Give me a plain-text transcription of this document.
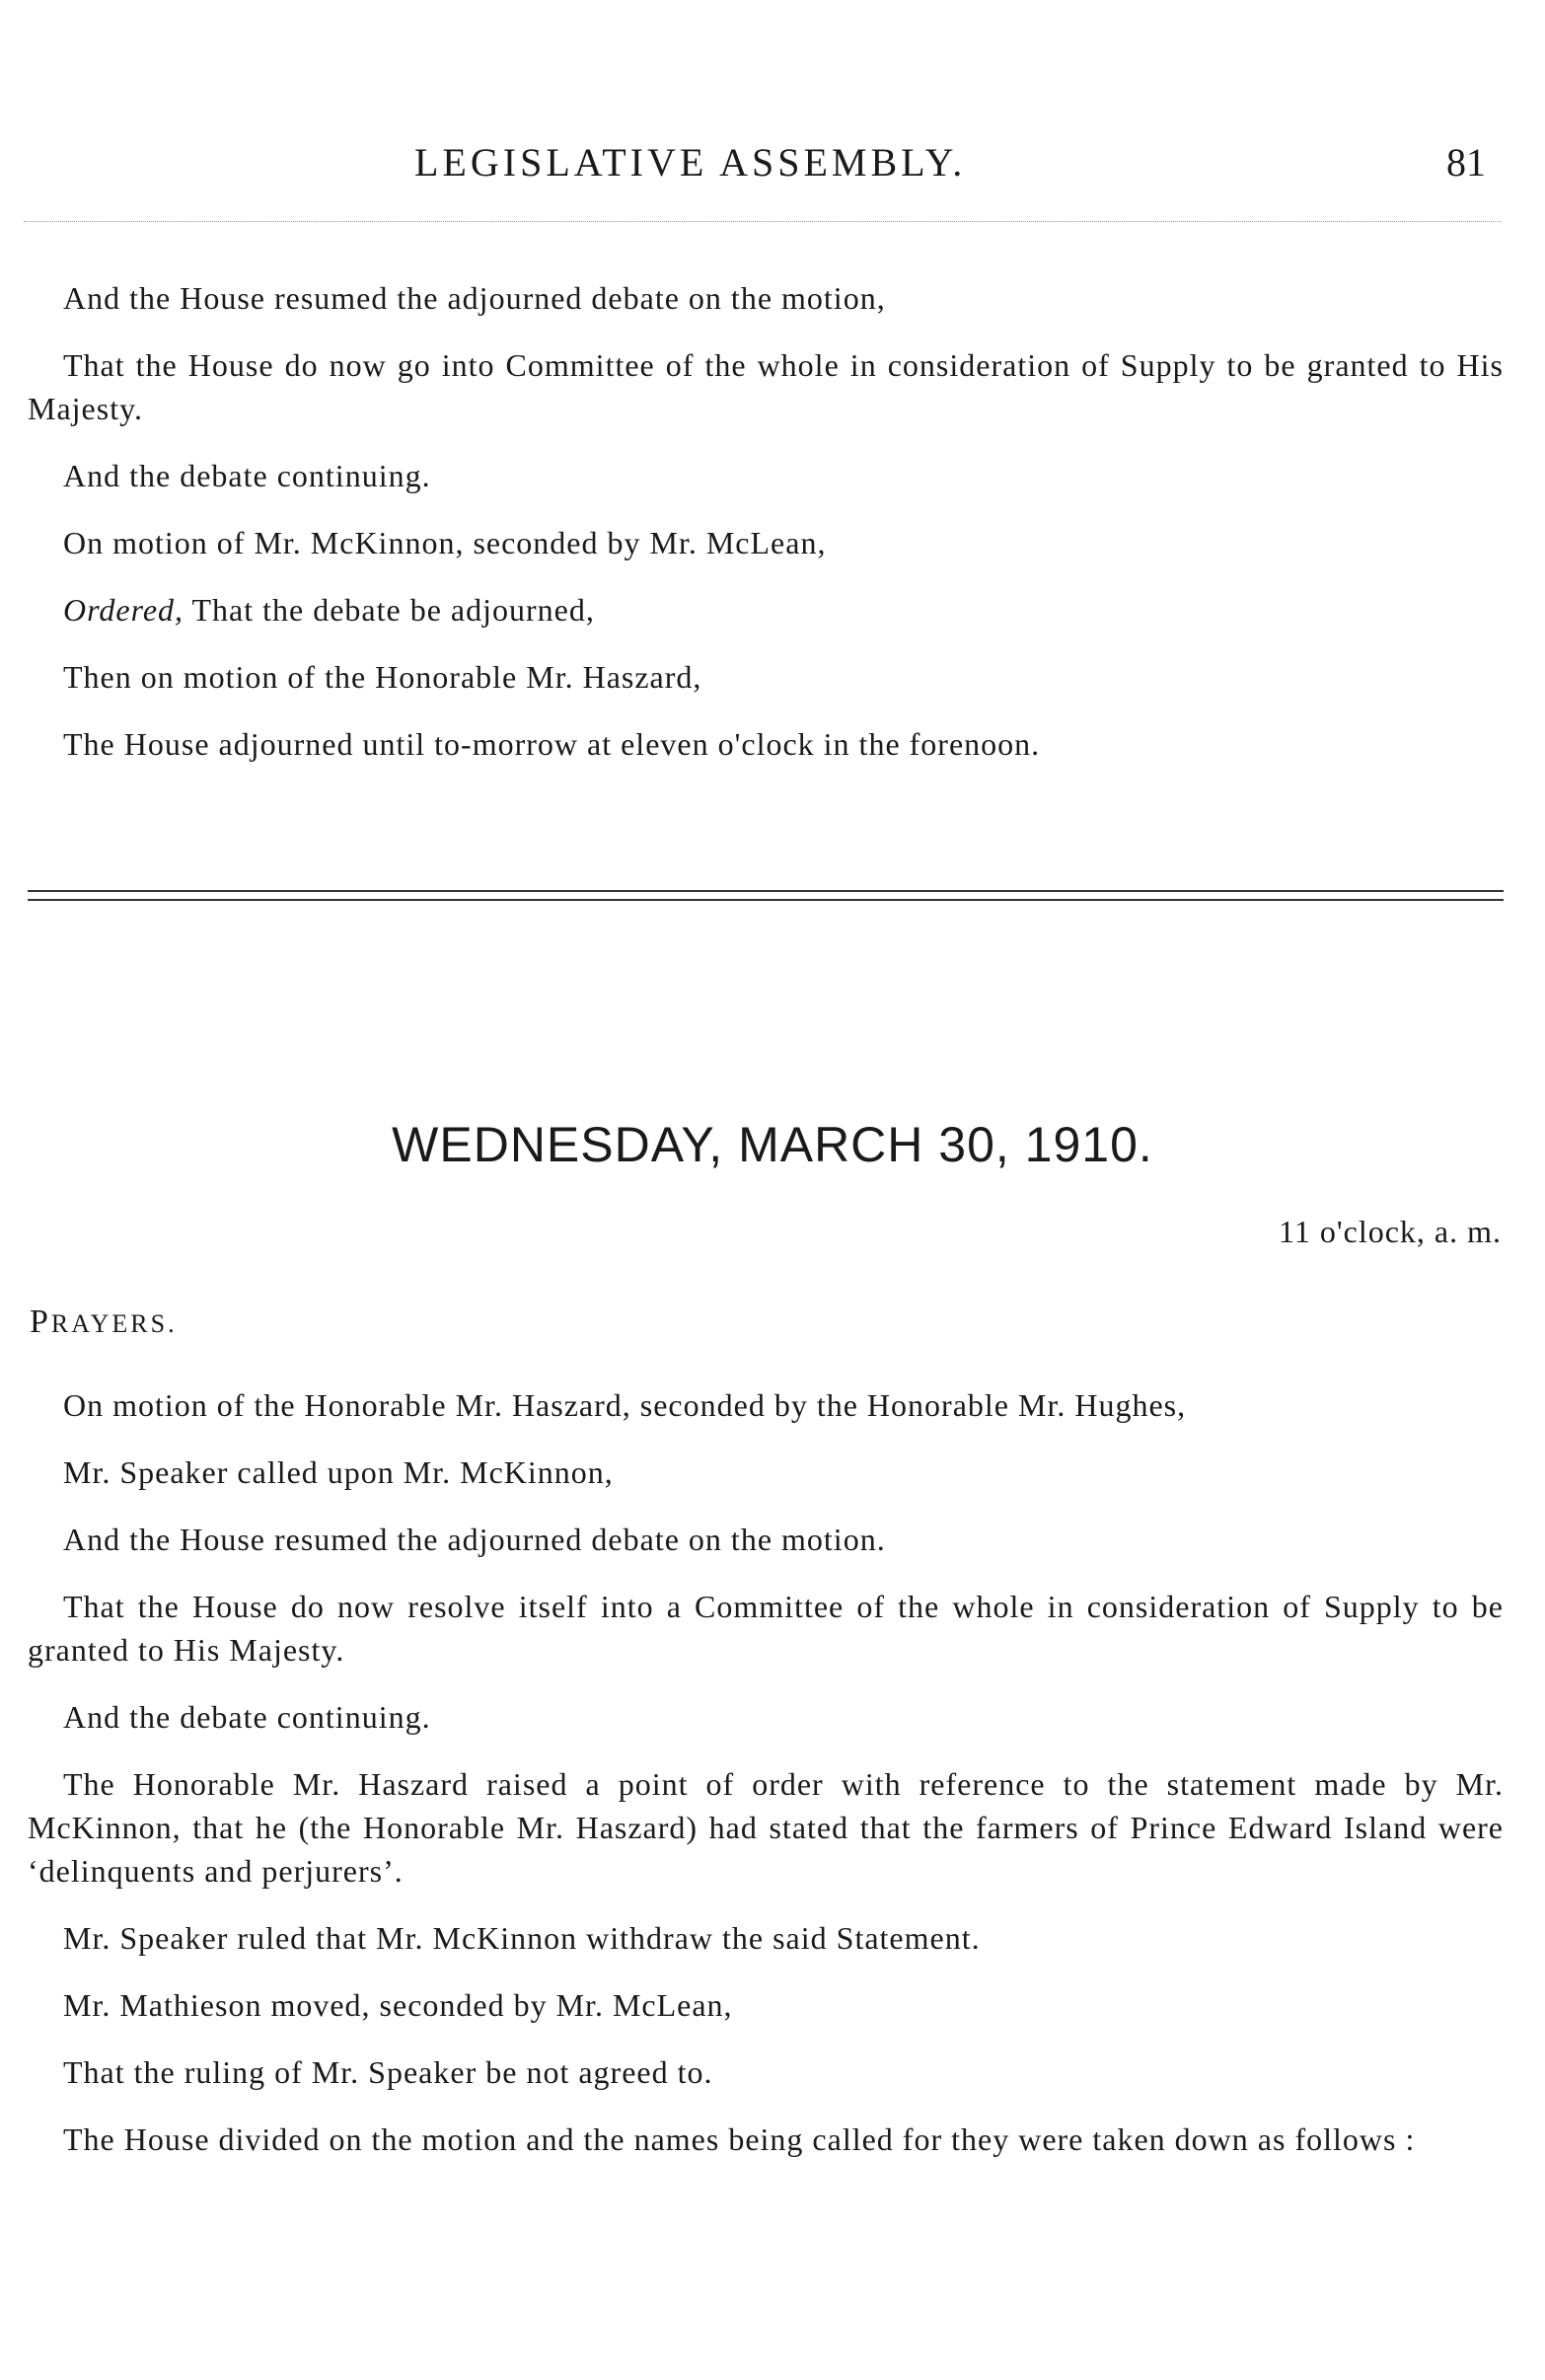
LEGISLATIVE ASSEMBLY.	81

And the House resumed the adjourned debate on the motion,

That the House do now go into Committee of the whole in consideration of Supply to be granted to His Majesty.

And the debate continuing.

On motion of Mr. McKinnon, seconded by Mr. McLean,

Ordered, That the debate be adjourned,

Then on motion of the Honorable Mr. Haszard,

The House adjourned until to-morrow at eleven o'clock in the forenoon.

WEDNESDAY, MARCH 30, 1910.
11 o'clock, a. m.
PRAYERS.

On motion of the Honorable Mr. Haszard, seconded by the Honorable Mr. Hughes,

Mr. Speaker called upon Mr. McKinnon,

And the House resumed the adjourned debate on the motion.

That the House do now resolve itself into a Committee of the whole in consideration of Supply to be granted to His Majesty.

And the debate continuing.

The Honorable Mr. Haszard raised a point of order with reference to the statement made by Mr. McKinnon, that he (the Honorable Mr. Haszard) had stated that the farmers of Prince Edward Island were ‘delinquents and perjurers’.

Mr. Speaker ruled that Mr. McKinnon withdraw the said Statement.

Mr. Mathieson moved, seconded by Mr. McLean,

That the ruling of Mr. Speaker be not agreed to.

The House divided on the motion and the names being called for they were taken down as follows :
